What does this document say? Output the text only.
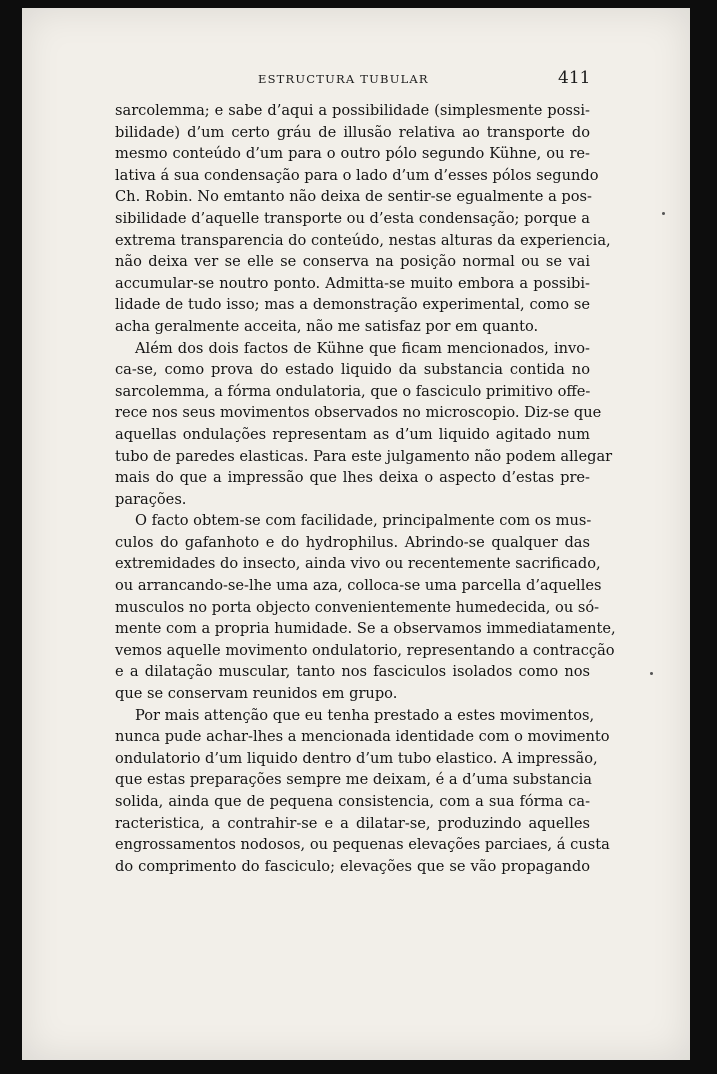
ESTRUCTURA TUBULAR	411
sarcolemma; e sabe d’aqui a possibilidade (simplesmente possi-
bilidade) d’um certo gráu de illusão relativa ao transporte do
mesmo conteúdo d’um para o outro pólo segundo Kühne, ou re-
lativa á sua condensação para o lado d’um d’esses pólos segundo
Ch. Robin. No emtanto não deixa de sentir-se egualmente a pos-
sibilidade d’aquelle transporte ou d’esta condensação; porque a
extrema transparencia do conteúdo, nestas alturas da experiencia,
não deixa ver se elle se conserva na posição normal ou se vai
accumular-se noutro ponto. Admitta-se muito embora a possibi-
lidade de tudo isso; mas a demonstração experimental, como se
acha geralmente acceita, não me satisfaz por em quanto.
Além dos dois factos de Kühne que ficam mencionados, invo-
ca-se, como prova do estado liquido da substancia contida no
sarcolemma, a fórma ondulatoria, que o fasciculo primitivo offe-
rece nos seus movimentos observados no microscopio. Diz-se que
aquellas ondulações representam as d’um liquido agitado num
tubo de paredes elasticas. Para este julgamento não podem allegar
mais do que a impressão que lhes deixa o aspecto d’estas pre-
parações.
O facto obtem-se com facilidade, principalmente com os mus-
culos do gafanhoto e do hydrophilus. Abrindo-se qualquer das
extremidades do insecto, ainda vivo ou recentemente sacrificado,
ou arrancando-se-lhe uma aza, colloca-se uma parcella d’aquelles
musculos no porta objecto convenientemente humedecida, ou só-
mente com a propria humidade. Se a observamos immediatamente,
vemos aquelle movimento ondulatorio, representando a contracção
e a dilatação muscular, tanto nos fasciculos isolados como nos
que se conservam reunidos em grupo.
Por mais attenção que eu tenha prestado a estes movimentos,
nunca pude achar-lhes a mencionada identidade com o movimento
ondulatorio d’um liquido dentro d’um tubo elastico. A impressão,
que estas preparações sempre me deixam, é a d’uma substancia
solida, ainda que de pequena consistencia, com a sua fórma ca-
racteristica, a contrahir-se e a dilatar-se, produzindo aquelles
engrossamentos nodosos, ou pequenas elevações parciaes, á custa
do comprimento do fasciculo; elevações que se vão propagando
